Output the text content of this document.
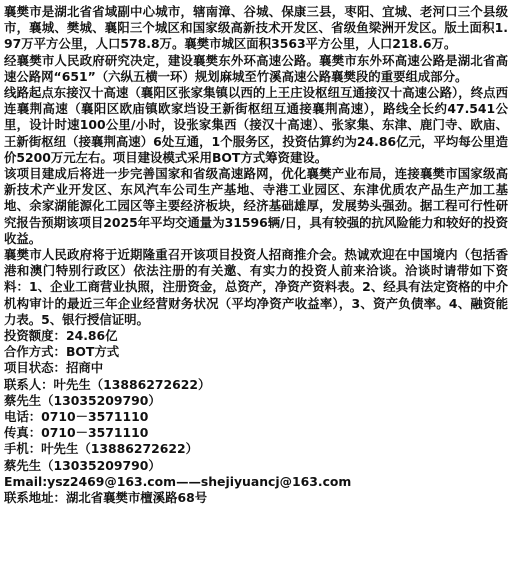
襄樊市是湖北省省域副中心城市，辖南漳、谷城、保康三县，枣阳、宜城、老河口三个县级市，襄城、樊城、襄阳三个城区和国家级高新技术开发区、省级鱼梁洲开发区。版土面积1.97万平方公里，人口578.8万。襄樊市城区面积3563平方公里，人口218.6万。

经襄樊市人民政府研究决定，建设襄樊东外环高速公路。襄樊市东外环高速公路是湖北省高速公路网“651”（六纵五横一环）规划麻城至竹溪高速公路襄樊段的重要组成部分。

线路起点东接汉十高速（襄阳区张家集镇以西的上王庄设枢纽互通接汉十高速公路），终点西连襄荆高速（襄阳区欧庙镇欧家垱设王新街枢纽互通接襄荆高速），路线全长约47.541公里，设计时速100公里/小时，设张家集西（接汉十高速）、张家集、东津、鹿门寺、欧庙、王新街枢纽（接襄荆高速）6处互通，1个服务区，投资估算约为24.86亿元，平均每公里造价5200万元左右。项目建设模式采用BOT方式筹资建设。

该项目建成后将进一步完善国家和省级高速路网，优化襄樊产业布局，连接襄樊市国家级高新技术产业开发区、东风汽车公司生产基地、寺港工业园区、东津优质农产品生产加工基地、余家湖能源化工园区等主要经济板块，经济基础雄厚，发展势头强劲。据工程可行性研究报告预期该项目2025年平均交通量为31596辆/日，具有较强的抗风险能力和较好的投资收益。

襄樊市人民政府将于近期隆重召开该项目投资人招商推介会。热诚欢迎在中国境内（包括香港和澳门特别行政区）依法注册的有关邀、有实力的投资人前来洽谈。洽谈时请带如下资料：1、企业工商营业执照，注册资金，总资产，净资产资料表。2、经具有法定资格的中介机构审计的最近三年企业经营财务状况（平均净资产收益率），3、资产负债率。4、融资能力表。5、银行授信证明。

投资额度：24.86亿
合作方式：BOT方式
项目状态：招商中
联系人：叶先生（13886272622）
蔡先生（13035209790）
电话：0710－3571110
传真：0710－3571110
手机：叶先生（13886272622）
蔡先生（13035209790）
Email:ysz2469@163.com——shejiyuancj@163.com
联系地址：湖北省襄樊市檀溪路68号
